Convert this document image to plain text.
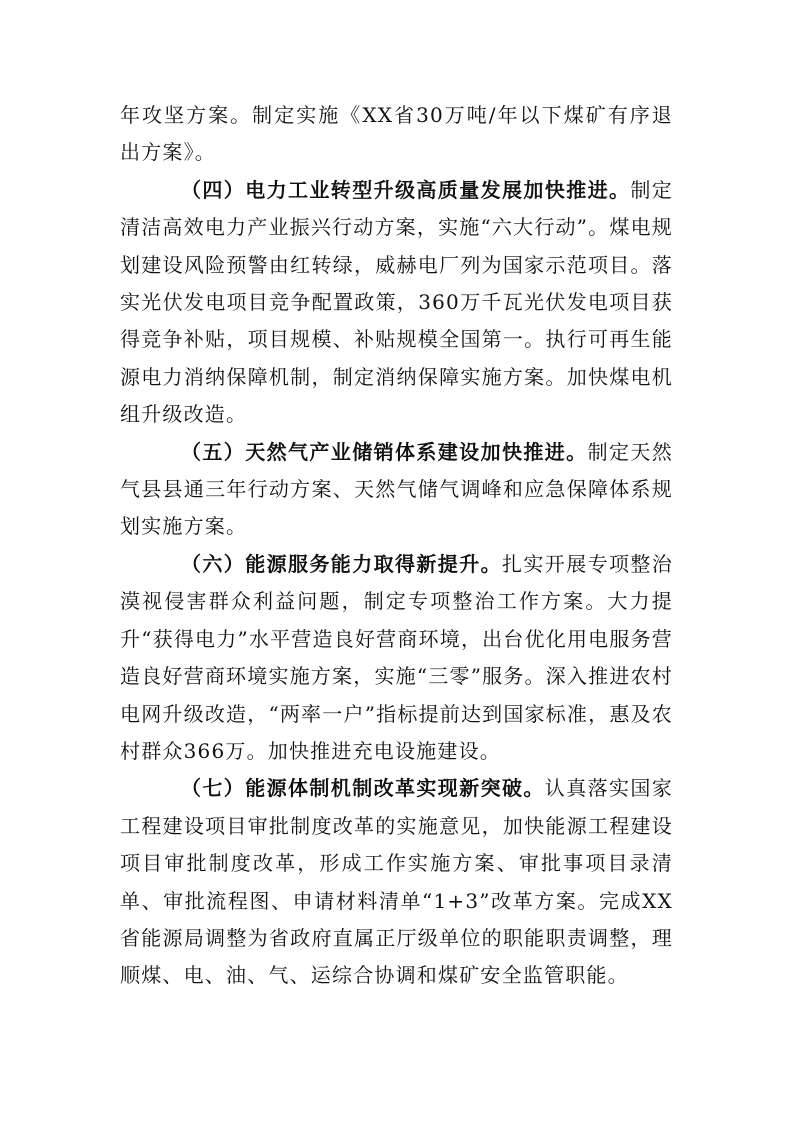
年攻坚方案。制定实施《XX省30万吨/年以下煤矿有序退出方案》。

（四）电力工业转型升级高质量发展加快推进。制定清洁高效电力产业振兴行动方案，实施“六大行动”。煤电规划建设风险预警由红转绿，威赫电厂列为国家示范项目。落实光伏发电项目竞争配置政策，360万千瓦光伏发电项目获得竞争补贴，项目规模、补贴规模全国第一。执行可再生能源电力消纳保障机制，制定消纳保障实施方案。加快煤电机组升级改造。

（五）天然气产业储销体系建设加快推进。制定天然气县县通三年行动方案、天然气储气调峰和应急保障体系规划实施方案。

（六）能源服务能力取得新提升。扎实开展专项整治漠视侵害群众利益问题，制定专项整治工作方案。大力提升“获得电力”水平营造良好营商环境，出台优化用电服务营造良好营商环境实施方案，实施“三零”服务。深入推进农村电网升级改造，“两率一户”指标提前达到国家标准，惠及农村群众366万。加快推进充电设施建设。

（七）能源体制机制改革实现新突破。认真落实国家工程建设项目审批制度改革的实施意见，加快能源工程建设项目审批制度改革，形成工作实施方案、审批事项目录清单、审批流程图、申请材料清单“1+3”改革方案。完成XX省能源局调整为省政府直属正厅级单位的职能职责调整，理顺煤、电、油、气、运综合协调和煤矿安全监管职能。
